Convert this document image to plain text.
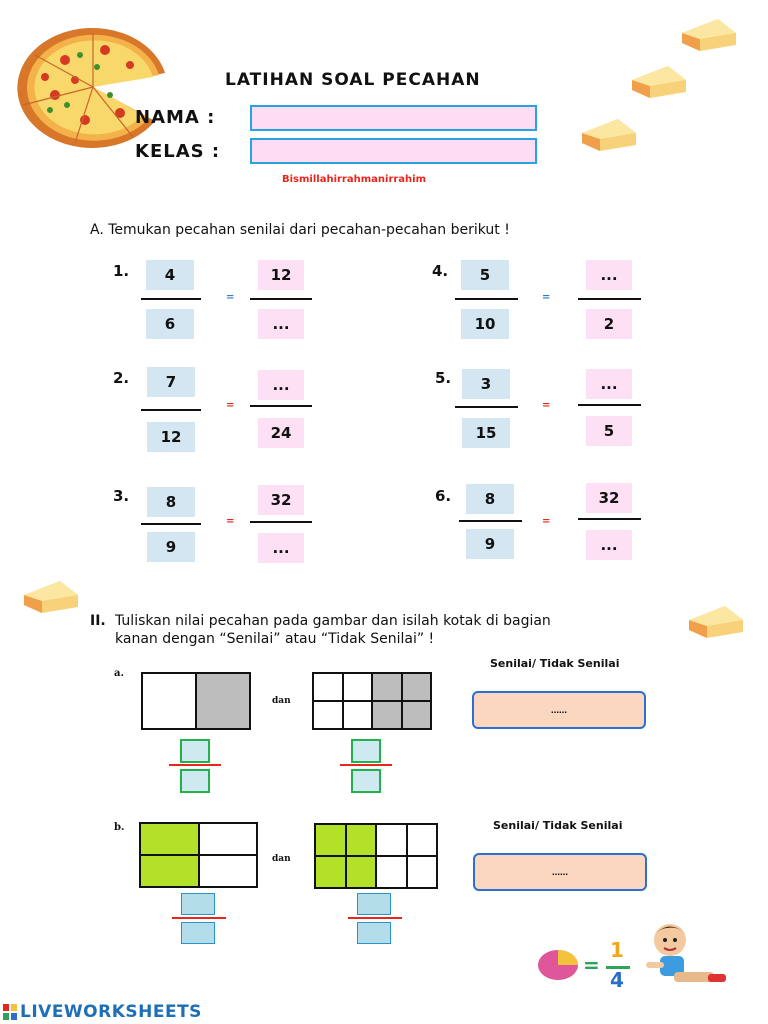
LATIHAN SOAL PECAHAN
NAMA :
KELAS :
Bismillahirrahmanirrahim
A. Temukan pecahan senilai dari pecahan-pecahan berikut !
1.	4
6
=
12
...
2.	7
12
=
...
24
3.	8
9
=
32
...
4.	5
10
=
...
2
5.	3
15
=
...
5
6.	8
9
=
32
...
II. Tuliskan nilai pecahan pada gambar dan isilah kotak di bagian
kanan dengan “Senilai” atau “Tidak Senilai” !
a.
dan
Senilai/ Tidak Senilai
……
b.
dan
Senilai/ Tidak Senilai
……
=
1
4
LIVEWORKSHEETS
